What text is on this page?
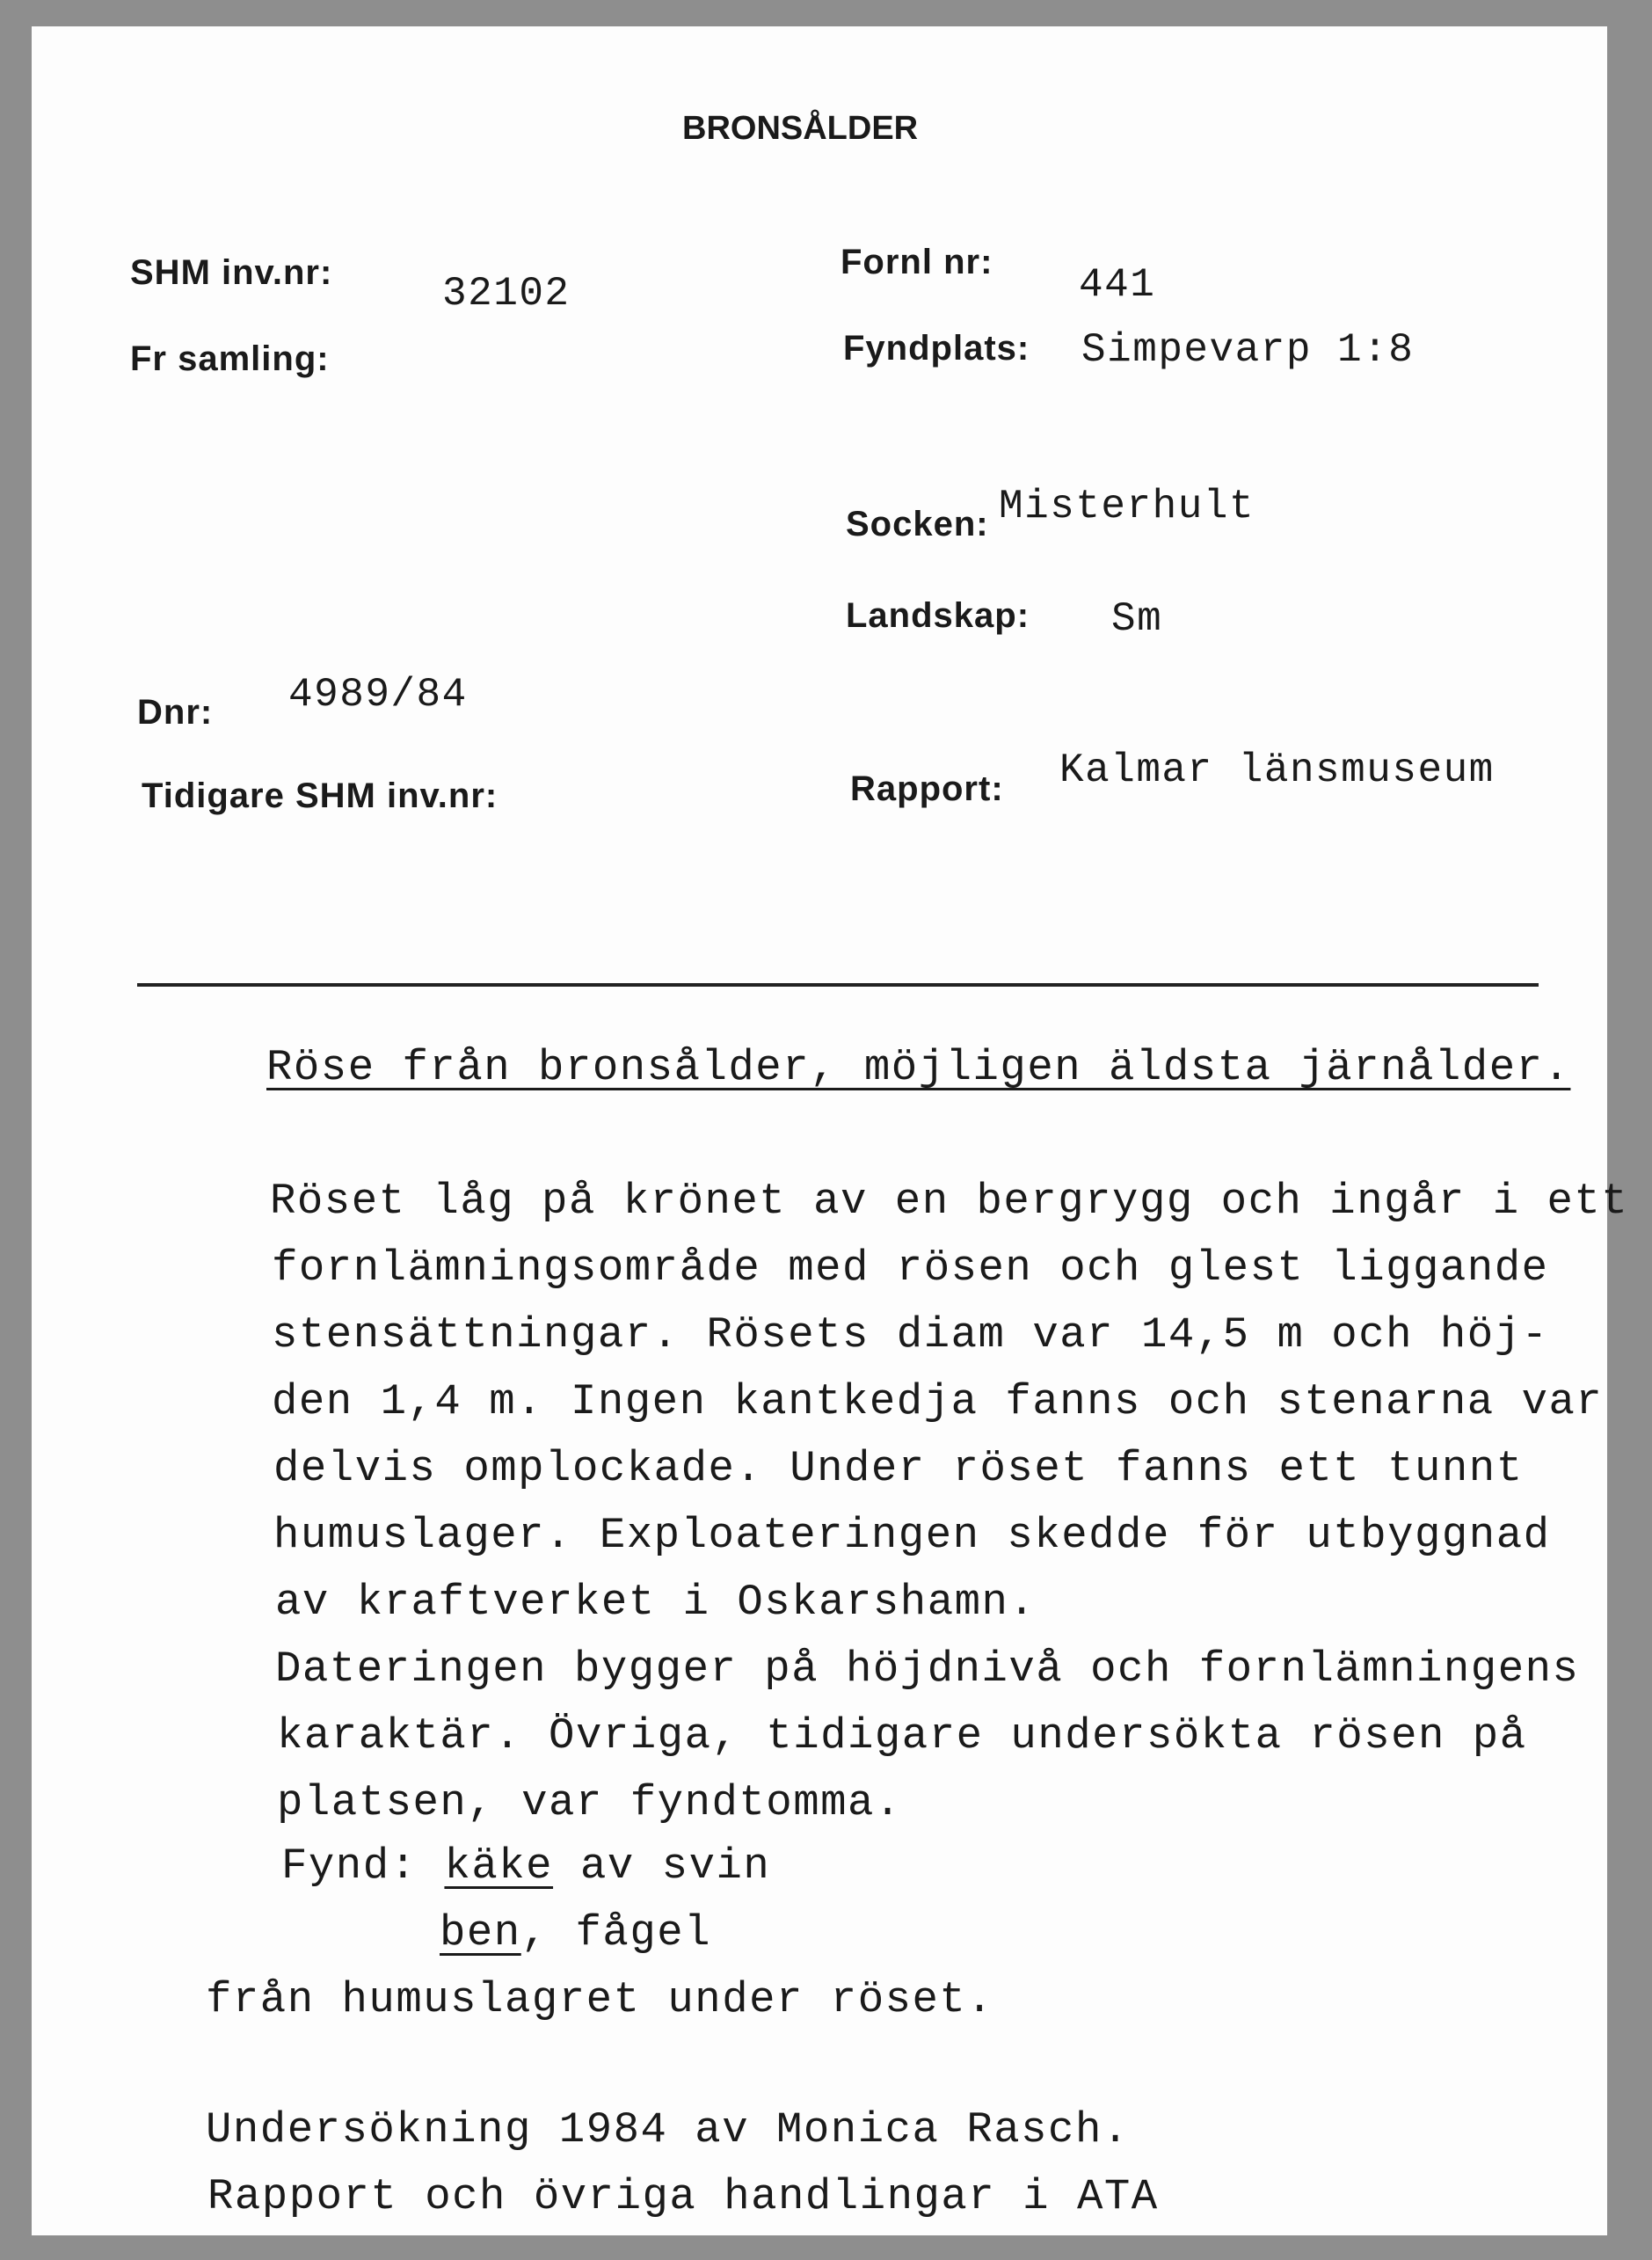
BRONSÅLDER
SHM inv.nr:	32102
Fr samling:
Fornl nr: 441
Fyndplats: Simpevarp 1:8
Socken: Misterhult
Landskap: Sm
Dnr: 4989/84
Tidigare SHM inv.nr:	Rapport: Kalmar länsmuseum
Röse från bronsålder, möjligen äldsta järnålder.
Röset låg på krönet av en bergrygg och ingår i ett
fornlämningsområde med rösen och glest liggande
stensättningar. Rösets diam var 14,5 m och höj-
den 1,4 m. Ingen kantkedja fanns och stenarna var
delvis omplockade. Under röset fanns ett tunnt
humuslager. Exploateringen skedde för utbyggnad
av kraftverket i Oskarshamn.
Dateringen bygger på höjdnivå och fornlämningens
karaktär. Övriga, tidigare undersökta rösen på
platsen, var fyndtomma.
Fynd: käke av svin
ben, fågel
från humuslagret under röset.
Undersökning 1984 av Monica Rasch.
Rapport och övriga handlingar i ATA
